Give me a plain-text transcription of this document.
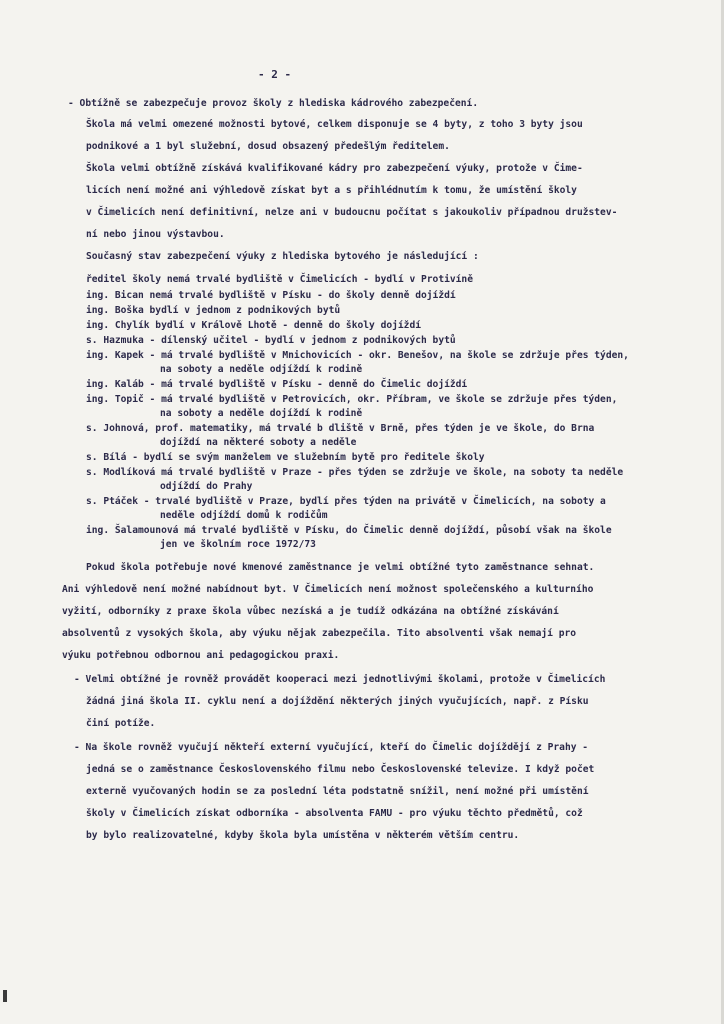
- 2 -
- Obtížně se zabezpečuje provoz školy z hlediska kádrového zabezpečení.
Škola má velmi omezené možnosti bytové, celkem disponuje se 4 byty, z toho 3 byty jsou
podnikové a 1 byl služební, dosud obsazený předešlým ředitelem.
Škola velmi obtížně získává kvalifikované kádry pro zabezpečení výuky, protože v Čime-
licích není možné ani výhledově získat byt a s přihlédnutím k tomu, že umístění školy
v Čimelicích není definitivní, nelze ani v budoucnu počítat s jakoukoliv případnou družstev-
ní nebo jinou výstavbou.
Současný stav zabezpečení výuky z hlediska bytového je následující :
ředitel školy nemá trvalé bydliště v Čimelicích - bydlí v Protivíně
ing. Bican nemá trvalé bydliště v Písku - do školy denně dojíždí
ing. Boška bydlí v jednom z podnikových bytů
ing. Chylík bydlí v Králově Lhotě - denně do školy dojíždí
s. Hazmuka - dílenský učitel - bydlí v jednom z podnikových bytů
ing. Kapek - má trvalé bydliště v Mnichovicích - okr. Benešov, na škole se zdržuje přes týden,
na soboty a neděle odjíždí k rodině
ing. Kaláb - má trvalé bydliště v Písku - denně do Čimelic dojíždí
ing. Topič - má trvalé bydliště v Petrovicích, okr. Příbram, ve škole se zdržuje přes týden,
na soboty a neděle dojíždí k rodině
s. Johnová, prof. matematiky, má trvalé b dliště v Brně, přes týden je ve škole, do Brna
dojíždí na některé soboty a neděle
s. Bílá - bydlí se svým manželem ve služebním bytě pro ředitele školy
s. Modlíková má trvalé bydliště v Praze - přes týden se zdržuje ve škole, na soboty ta neděle
odjíždí do Prahy
s. Ptáček - trvalé bydliště v Praze, bydlí přes týden na privátě v Čimelicích, na soboty a
neděle odjíždí domů k rodičům
ing. Šalamounová má trvalé bydliště v Písku, do Čimelic denně dojíždí, působí však na škole
jen ve školním roce 1972/73
Pokud škola potřebuje nové kmenové zaměstnance je velmi obtížné tyto zaměstnance sehnat.
Ani výhledově není možné nabídnout byt. V Čimelicích není možnost společenského a kulturního
vyžití, odborníky z praxe škola vůbec nezíská a je tudíž odkázána na obtížné získávání
absolventů z vysokých škola, aby výuku nějak zabezpečila. Tito absolventi však nemají pro
výuku potřebnou odbornou ani pedagogickou praxi.
- Velmi obtížné je rovněž provádět kooperaci mezi jednotlivými školami, protože v Čimelicích
žádná jiná škola II. cyklu není a dojíždění některých jiných vyučujících, např. z Písku
činí potíže.
- Na škole rovněž vyučují někteří externí vyučující, kteří do Čimelic dojíždějí z Prahy -
jedná se o zaměstnance Československého filmu nebo Československé televize. I když počet
externě vyučovaných hodin se za poslední léta podstatně snížil, není možné při umístění
školy v Čimelicích získat odborníka - absolventa FAMU - pro výuku těchto předmětů, což
by bylo realizovatelné, kdyby škola byla umístěna v některém větším centru.
